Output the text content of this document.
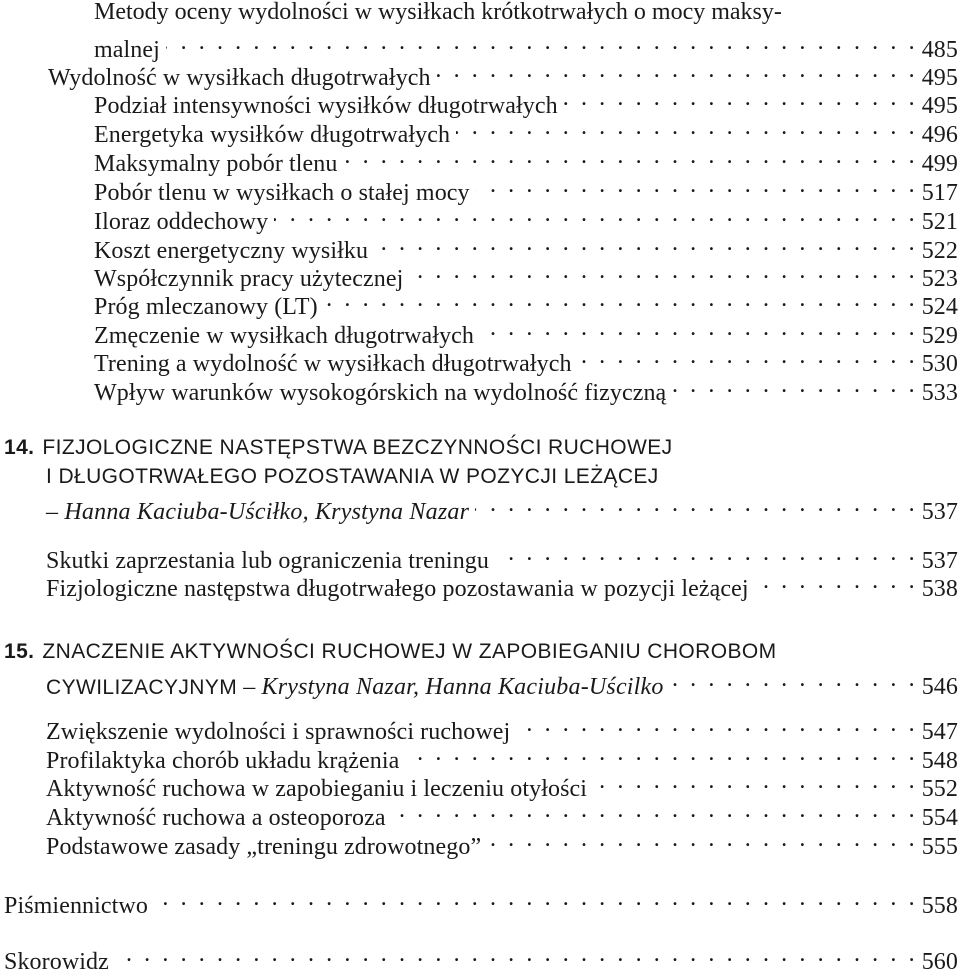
Metody oceny wydolności w wysiłkach krótkotrwałych o mocy maksy-
malnej . . .	485
Wydolność w wysiłkach długotrwałych . . .	495
Podział intensywności wysiłków długotrwałych . . .	495
Energetyka wysiłków długotrwałych . . .	496
Maksymalny pobór tlenu . . .	499
Pobór tlenu w wysiłkach o stałej mocy . . .	517
Iloraz oddechowy . . .	521
Koszt energetyczny wysiłku . . .	522
Współczynnik pracy użytecznej . . .	523
Próg mleczanowy (LT) . . .	524
Zmęczenie w wysiłkach długotrwałych . . .	529
Trening a wydolność w wysiłkach długotrwałych . . .	530
Wpływ warunków wysokogórskich na wydolność fizyczną . . .	533
14. FIZJOLOGICZNE NASTĘPSTWA BEZCZYNNOŚCI RUCHOWEJ
I DŁUGOTRWAŁEGO POZOSTAWANIA W POZYCJI LEŻĄCEJ
– Hanna Kaciuba-Uściłko, Krystyna Nazar . . .	537
Skutki zaprzestania lub ograniczenia treningu . . .	537
Fizjologiczne następstwa długotrwałego pozostawania w pozycji leżącej . . .	538
15. ZNACZENIE AKTYWNOŚCI RUCHOWEJ W ZAPOBIEGANIU CHOROBOM
CYWILIZACYJNYM – Krystyna Nazar, Hanna Kaciuba-Uścilko . . .	546
Zwiększenie wydolności i sprawności ruchowej . . .	547
Profilaktyka chorób układu krążenia . . .	548
Aktywność ruchowa w zapobieganiu i leczeniu otyłości . . .	552
Aktywność ruchowa a osteoporoza . . .	554
Podstawowe zasady „treningu zdrowotnego” . . .	555
Piśmiennictwo . . .	558
Skorowidz . . .	560
